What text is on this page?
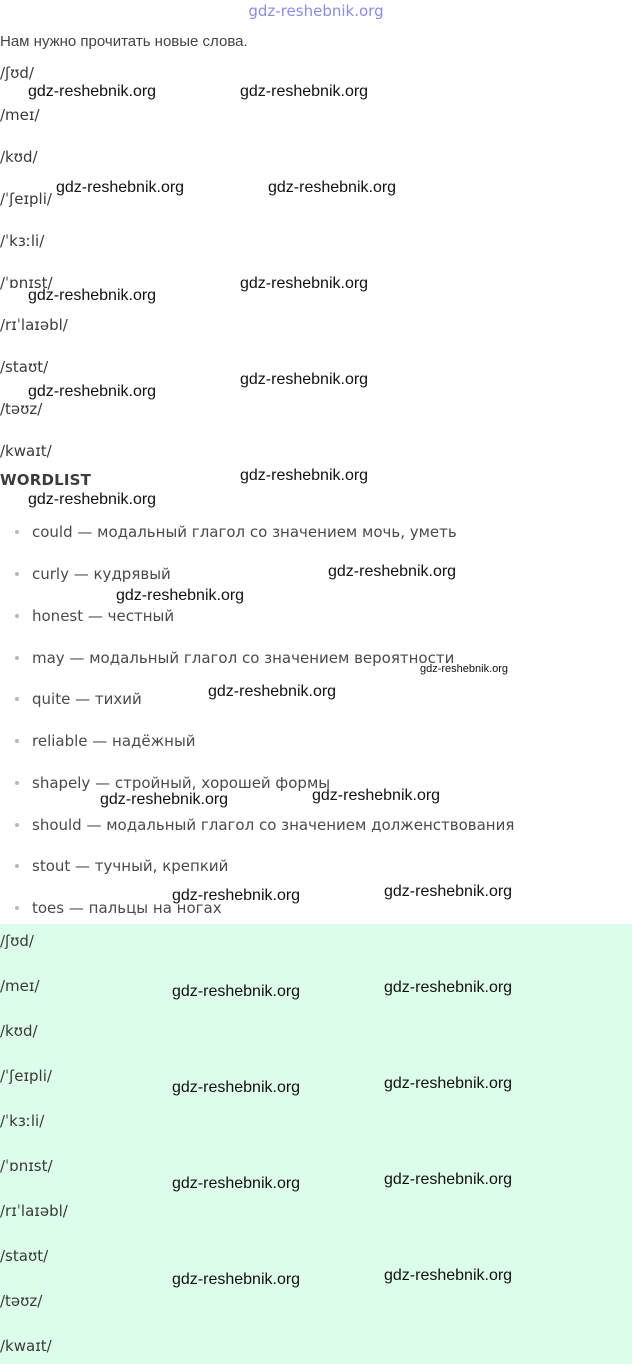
gdz-reshebnik.org

Нам нужно прочитать новые слова.

/ʃʊd/
/meɪ/
/kʊd/
/ˈʃeɪpli/
/ˈkɜːli/
/ˈɒnɪst/
/rɪˈlaɪəbl/
/staʊt/
/təʊz/
/kwaɪt/
WORDLIST
could — модальный глагол со значением мочь, уметь
curly — кудрявый
honest — честный
may — модальный глагол со значением вероятности
quite — тихий
reliable — надёжный
shapely — стройный, хорошей формы
should — модальный глагол со значением долженствования
stout — тучный, крепкий
toes — пальцы на ногах
/ʃʊd/
/meɪ/
/kʊd/
/ˈʃeɪpli/
/ˈkɜːli/
/ˈɒnɪst/
/rɪˈlaɪəbl/
/staʊt/
/təʊz/
/kwaɪt/
gdz-reshebnik.org	gdz-reshebnik.org
gdz-reshebnik.org	gdz-reshebnik.org
gdz-reshebnik.org
gdz-reshebnik.org
gdz-reshebnik.org
gdz-reshebnik.org
gdz-reshebnik.org
gdz-reshebnik.org
gdz-reshebnik.org
gdz-reshebnik.org
gdz-reshebnik.org
gdz-reshebnik.org
gdz-reshebnik.org	gdz-reshebnik.org
gdz-reshebnik.org	gdz-reshebnik.org
gdz-reshebnik.org	gdz-reshebnik.org
gdz-reshebnik.org	gdz-reshebnik.org
gdz-reshebnik.org	gdz-reshebnik.org
gdz-reshebnik.org	gdz-reshebnik.org
